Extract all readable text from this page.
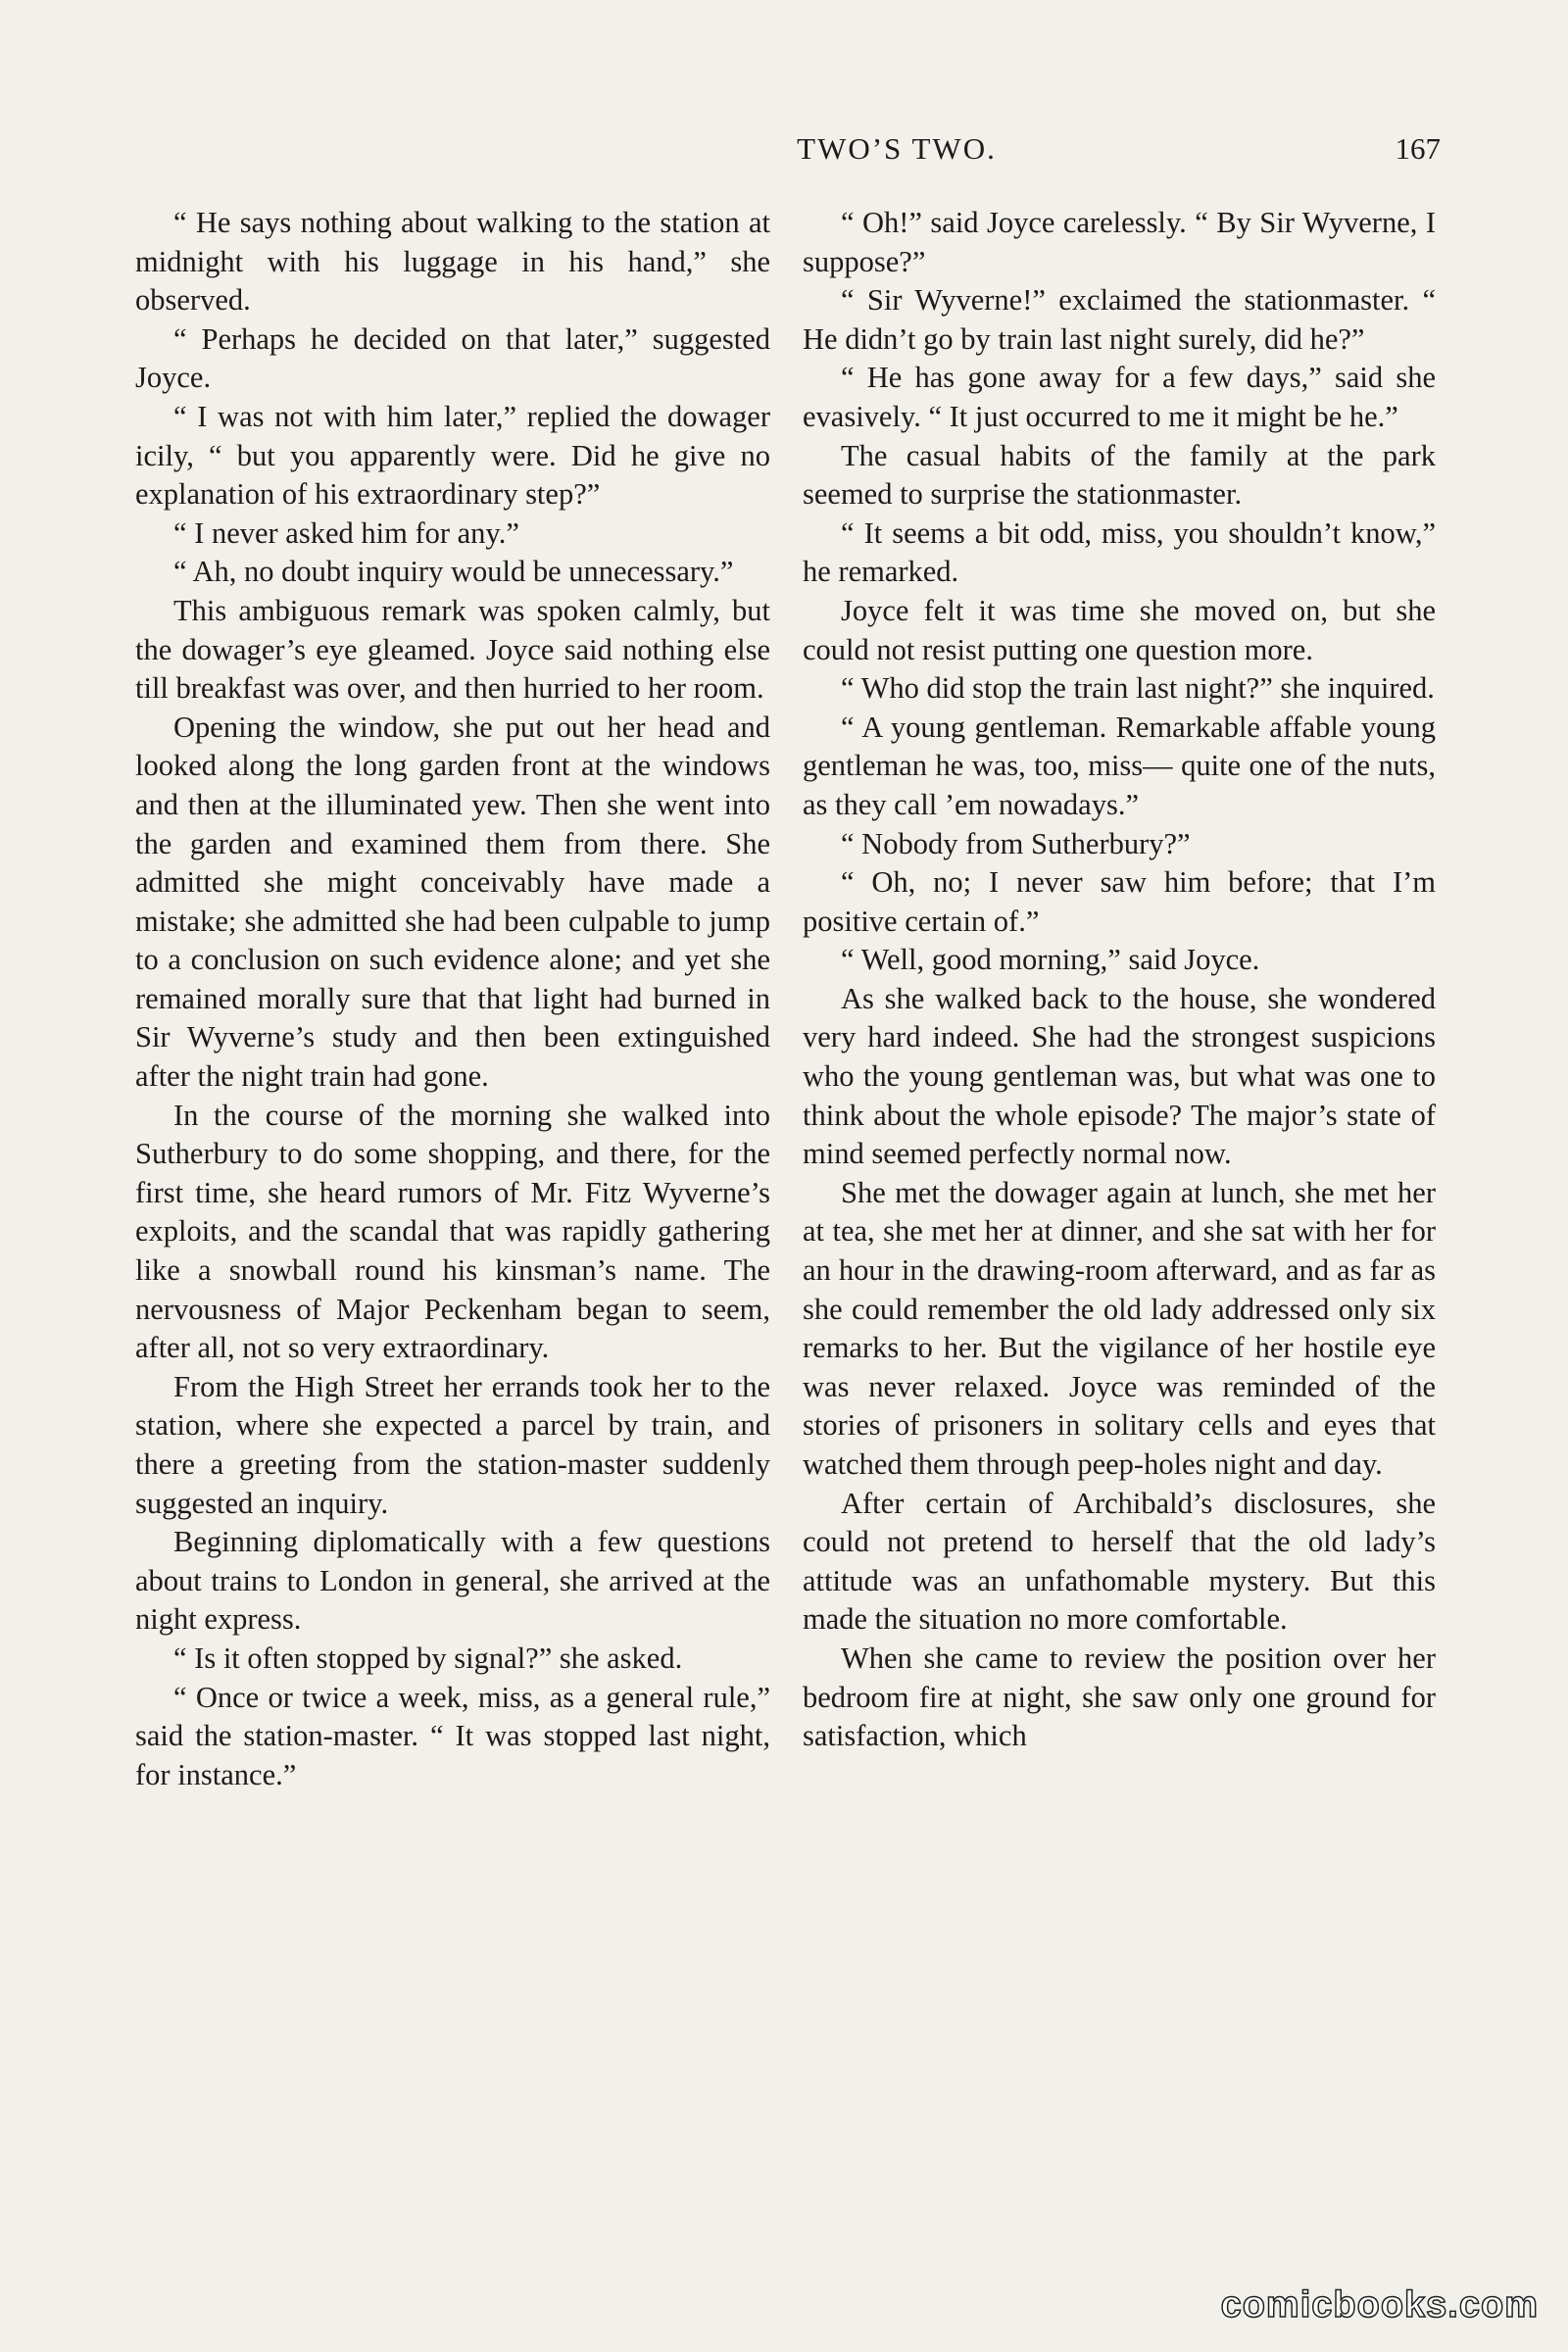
TWO’S TWO.	167

“ He says nothing about walking to the station at midnight with his luggage in his hand,” she observed.

“ Perhaps he decided on that later,” suggested Joyce.

“ I was not with him later,” replied the dowager icily, “ but you apparently were. Did he give no explanation of his extraordinary step?”

“ I never asked him for any.”

“ Ah, no doubt inquiry would be unnecessary.”

This ambiguous remark was spoken calmly, but the dowager’s eye gleamed. Joyce said nothing else till breakfast was over, and then hurried to her room.

Opening the window, she put out her head and looked along the long garden front at the windows and then at the illuminated yew. Then she went into the garden and examined them from there. She admitted she might conceivably have made a mistake; she admitted she had been culpable to jump to a conclusion on such evidence alone; and yet she remained morally sure that that light had burned in Sir Wyverne’s study and then been extinguished after the night train had gone.

In the course of the morning she walked into Sutherbury to do some shopping, and there, for the first time, she heard rumors of Mr. Fitz Wyverne’s exploits, and the scandal that was rapidly gathering like a snowball round his kinsman’s name. The nervousness of Major Peckenham began to seem, after all, not so very extraordinary.

From the High Street her errands took her to the station, where she expected a parcel by train, and there a greeting from the station-master suddenly suggested an inquiry.

Beginning diplomatically with a few questions about trains to London in general, she arrived at the night express.

“ Is it often stopped by signal?” she asked.

“ Once or twice a week, miss, as a general rule,” said the station-master. “ It was stopped last night, for instance.”

“ Oh!” said Joyce carelessly. “ By Sir Wyverne, I suppose?”

“ Sir Wyverne!” exclaimed the stationmaster. “ He didn’t go by train last night surely, did he?”

“ He has gone away for a few days,” said she evasively. “ It just occurred to me it might be he.”

The casual habits of the family at the park seemed to surprise the stationmaster.

“ It seems a bit odd, miss, you shouldn’t know,” he remarked.

Joyce felt it was time she moved on, but she could not resist putting one question more.

“ Who did stop the train last night?” she inquired.

“ A young gentleman. Remarkable affable young gentleman he was, too, miss— quite one of the nuts, as they call ’em nowadays.”

“ Nobody from Sutherbury?”

“ Oh, no; I never saw him before; that I’m positive certain of.”

“ Well, good morning,” said Joyce.

As she walked back to the house, she wondered very hard indeed. She had the strongest suspicions who the young gentleman was, but what was one to think about the whole episode? The major’s state of mind seemed perfectly normal now.

She met the dowager again at lunch, she met her at tea, she met her at dinner, and she sat with her for an hour in the drawing-room afterward, and as far as she could remember the old lady addressed only six remarks to her. But the vigilance of her hostile eye was never relaxed. Joyce was reminded of the stories of prisoners in solitary cells and eyes that watched them through peep-holes night and day.

After certain of Archibald’s disclosures, she could not pretend to herself that the old lady’s attitude was an unfathomable mystery. But this made the situation no more comfortable.

When she came to review the position over her bedroom fire at night, she saw only one ground for satisfaction, which

comicbooks.com
